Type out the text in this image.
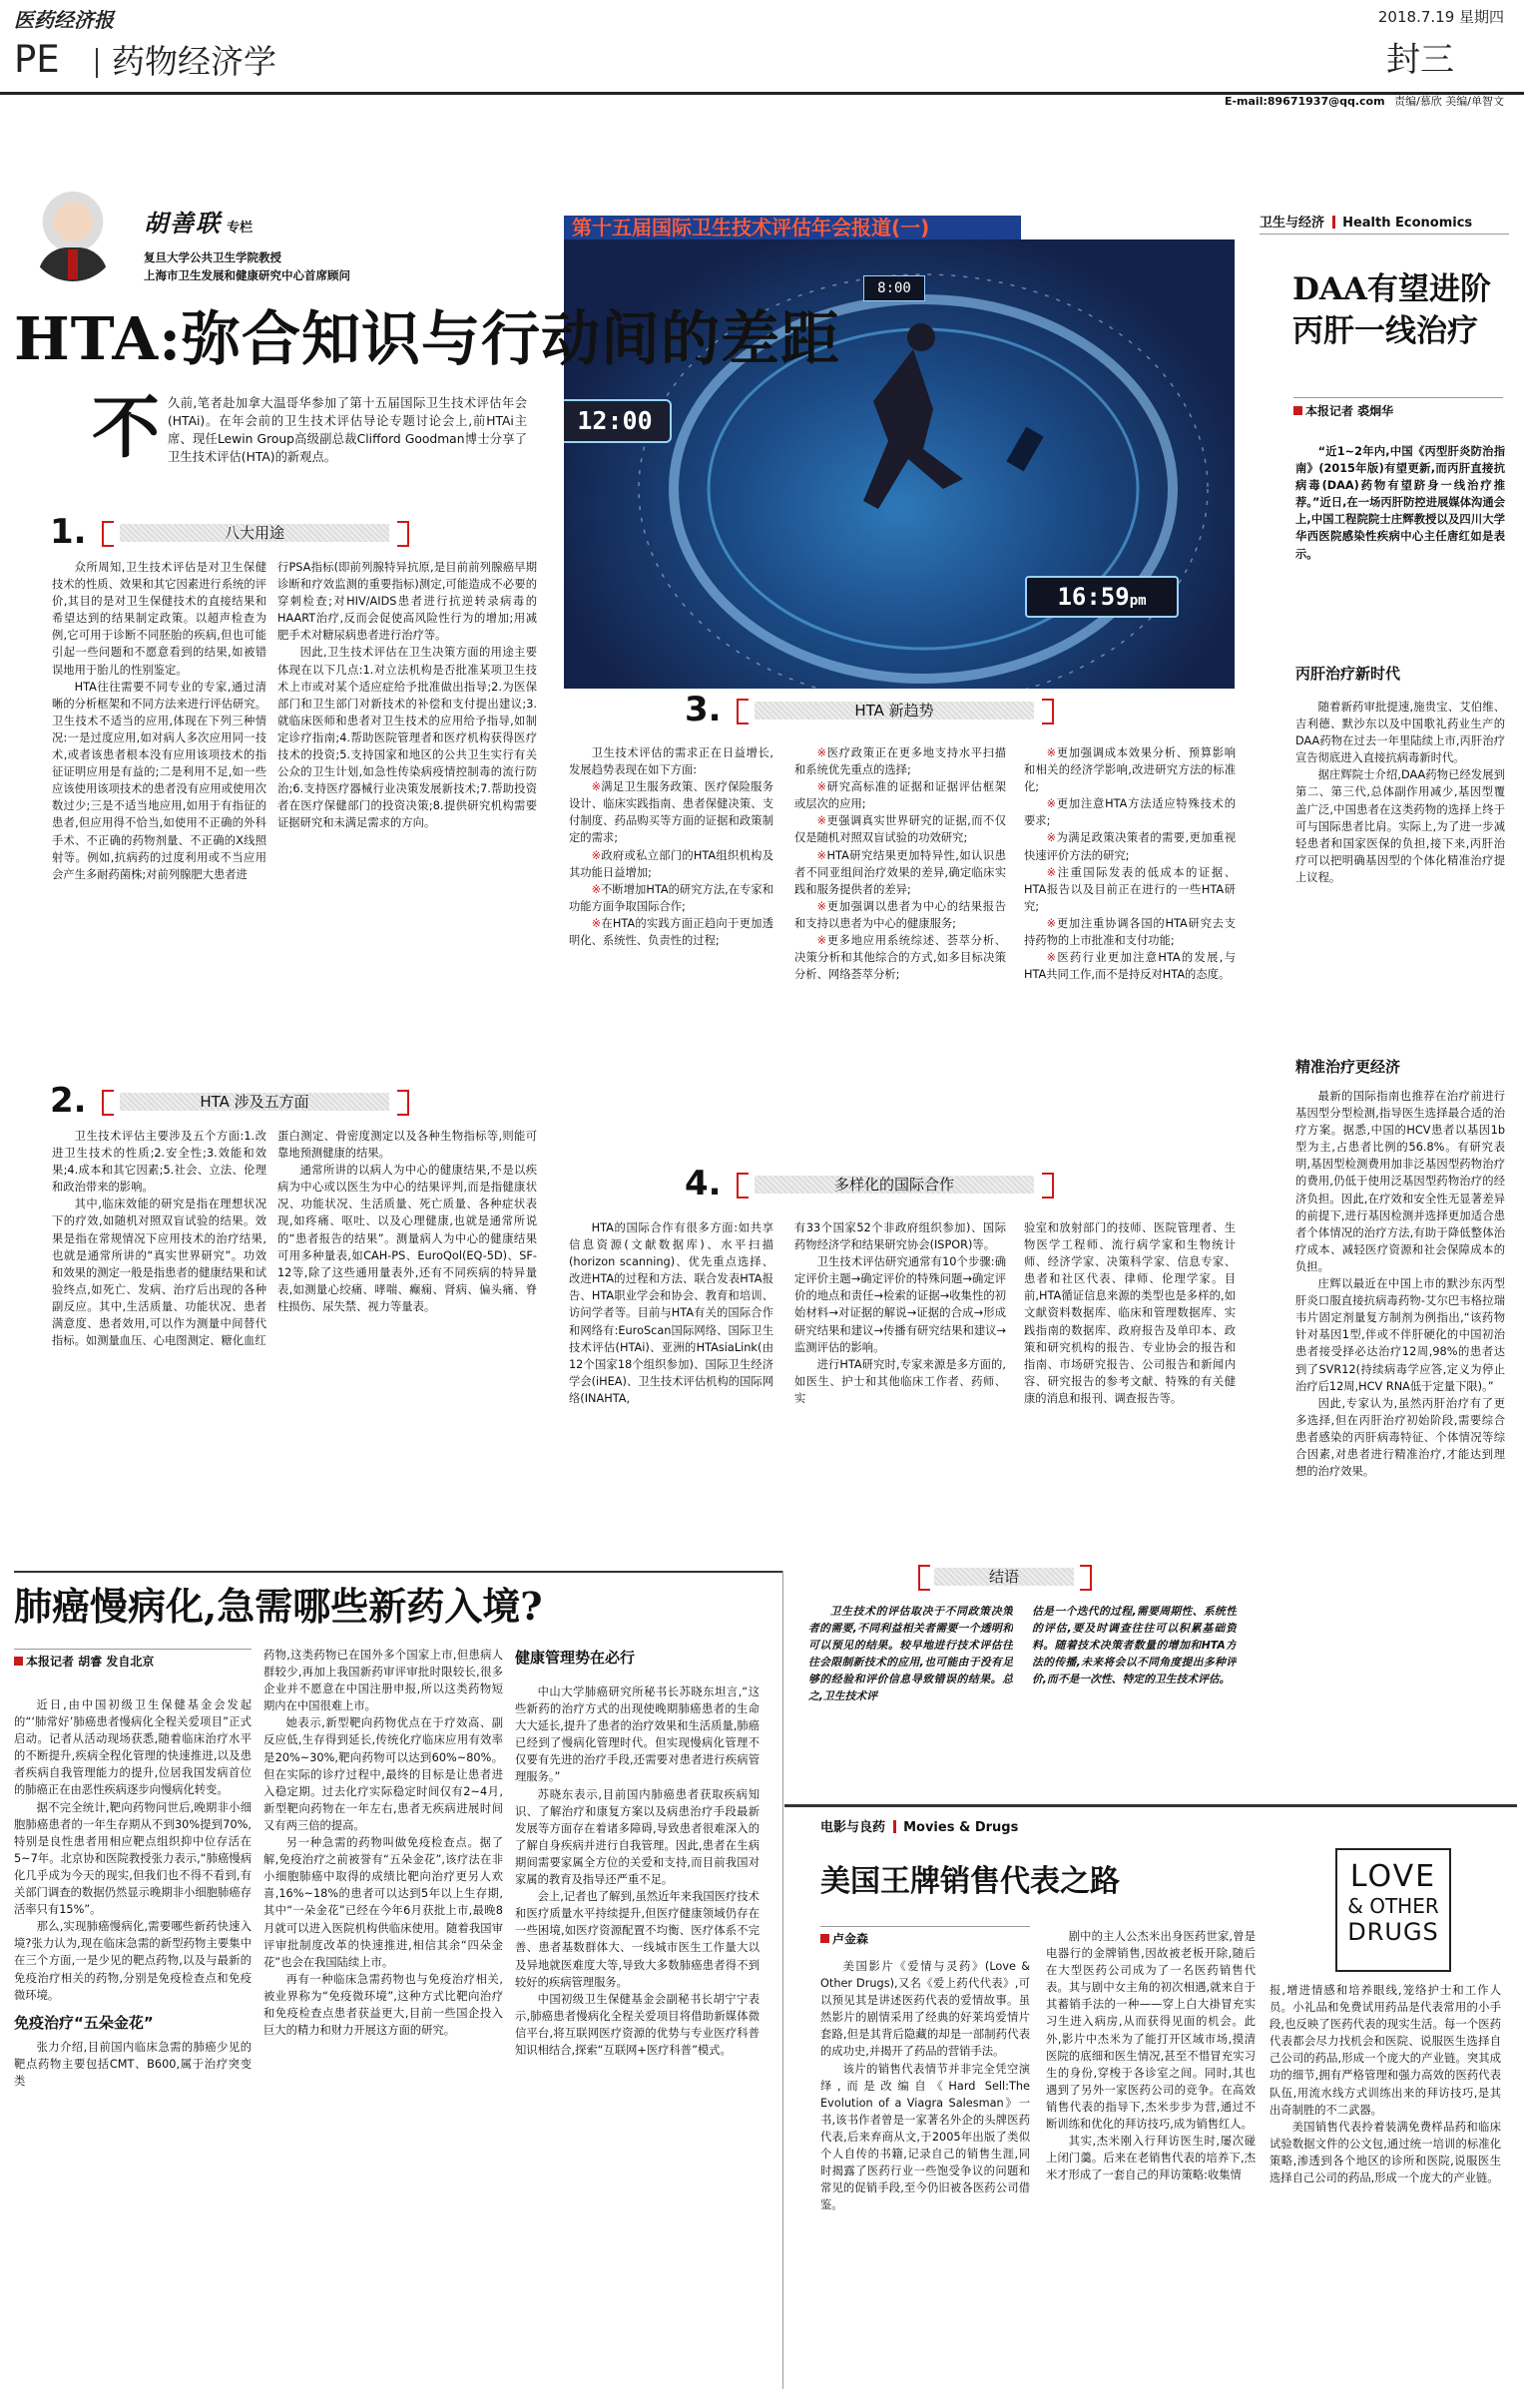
医药经济报	2018.7.19 星期四
PE 药物经济学	封三
E-mail:89671937@qq.com 责编/慕欣 美编/单智文
胡善联 专栏
复旦大学公共卫生学院教授
上海市卫生发展和健康研究中心首席顾问
第十五届国际卫生技术评估年会报道(一)
12:00
16:59pm
8:00
HTA:弥合知识与行动间的差距
不 久前,笔者赴加拿大温哥华参加了第十五届国际卫生技术评估年会(HTAi)。在年会前的卫生技术评估导论专题讨论会上,前HTAi主席、现任Lewin Group高级副总裁Clifford Goodman博士分享了卫生技术评估(HTA)的新观点。
1.	八大用途

众所周知,卫生技术评估是对卫生保健技术的性质、效果和其它因素进行系统的评价,其目的是对卫生保健技术的直接结果和希望达到的结果制定政策。以超声检查为例,它可用于诊断不同胚胎的疾病,但也可能引起一些问题和不愿意看到的结果,如被错误地用于胎儿的性别鉴定。

HTA往往需要不同专业的专家,通过清晰的分析框架和不同方法来进行评估研究。卫生技术不适当的应用,体现在下列三种情况:一是过度应用,如对病人多次应用同一技术,或者该患者根本没有应用该项技术的指征证明应用是有益的;二是利用不足,如一些应该使用该项技术的患者没有应用或使用次数过少;三是不适当地应用,如用于有指征的患者,但应用得不恰当,如使用不正确的外科手术、不正确的药物剂量、不正确的X线照射等。例如,抗病药的过度利用或不当应用会产生多耐药菌株;对前列腺肥大患者进

行PSA指标(即前列腺特异抗原,是目前前列腺癌早期诊断和疗效监测的重要指标)测定,可能造成不必要的穿刺检查;对HIV/AIDS患者进行抗逆转录病毒的HAART治疗,反而会促使高风险性行为的增加;用减肥手术对糖尿病患者进行治疗等。

因此,卫生技术评估在卫生决策方面的用途主要体现在以下几点:1.对立法机构是否批准某项卫生技术上市或对某个适应症给予批准做出指导;2.为医保部门和卫生部门对新技术的补偿和支付提出建议;3.就临床医师和患者对卫生技术的应用给予指导,如制定诊疗指南;4.帮助医院管理者和医疗机构获得医疗技术的投资;5.支持国家和地区的公共卫生实行有关公众的卫生计划,如急性传染病疫情控制毒的流行防治;6.支持医疗器械行业决策发展新技术;7.帮助投资者在医疗保健部门的投资决策;8.提供研究机构需要证据研究和未满足需求的方向。

2.	HTA 涉及五方面

卫生技术评估主要涉及五个方面:1.改进卫生技术的性质;2.安全性;3.效能和效果;4.成本和其它因素;5.社会、立法、伦理和政治带来的影响。

其中,临床效能的研究是指在理想状况下的疗效,如随机对照双盲试验的结果。效果是指在常规情况下应用技术的治疗结果,也就是通常所讲的“真实世界研究”。功效和效果的测定一般是指患者的健康结果和试验终点,如死亡、发病、治疗后出现的各种副反应。其中,生活质量、功能状况、患者满意度、患者效用,可以作为测量中间替代指标。如测量血压、心电图测定、糖化血红

蛋白测定、骨密度测定以及各种生物指标等,则能可靠地预测健康的结果。

通常所讲的以病人为中心的健康结果,不是以疾病为中心或以医生为中心的结果评判,而是指健康状况、功能状况、生活质量、死亡质量、各种症状表现,如疼痛、呕吐、以及心理健康,也就是通常所说的“患者报告的结果”。测量病人为中心的健康结果可用多种量表,如CAH-PS、EuroQol(EQ-5D)、SF-12等,除了这些通用量表外,还有不同疾病的特异量表,如测量心绞痛、哮喘、癫痫、肾病、偏头痛、脊柱损伤、尿失禁、视力等量表。

3.	HTA 新趋势

卫生技术评估的需求正在日益增长,发展趋势表现在如下方面:

※满足卫生服务政策、医疗保险服务设计、临床实践指南、患者保健决策、支付制度、药品购买等方面的证据和政策制定的需求;

※政府或私立部门的HTA组织机构及其功能日益增加;

※不断增加HTA的研究方法,在专家和功能方面争取国际合作;

※在HTA的实践方面正趋向于更加透明化、系统性、负责性的过程;

※医疗政策正在更多地支持水平扫描和系统优先重点的选择;

※研究高标准的证据和证据评估框架或层次的应用;

※更强调真实世界研究的证据,而不仅仅是随机对照双盲试验的功效研究;

※HTA研究结果更加特异性,如认识患者不同亚组间治疗效果的差异,确定临床实践和服务提供者的差异;

※更加强调以患者为中心的结果报告和支持以患者为中心的健康服务;

※更多地应用系统综述、荟萃分析、决策分析和其他综合的方式,如多目标决策分析、网络荟萃分析;

※更加强调成本效果分析、预算影响和相关的经济学影响,改进研究方法的标准化;

※更加注意HTA方法适应特殊技术的要求;

※为满足政策决策者的需要,更加重视快速评价方法的研究;

※注重国际发表的低成本的证据、HTA报告以及目前正在进行的一些HTA研究;

※更加注重协调各国的HTA研究去支持药物的上市批准和支付功能;

※医药行业更加注意HTA的发展,与HTA共同工作,而不是持反对HTA的态度。

4.	多样化的国际合作

HTA的国际合作有很多方面:如共享信息资源(文献数据库)、水平扫描(horizon scanning)、优先重点选择、改进HTA的过程和方法、联合发表HTA报告、HTA职业学会和协会、教育和培训、访问学者等。目前与HTA有关的国际合作和网络有:EuroScan国际网络、国际卫生技术评估(HTAi)、亚洲的HTAsiaLink(由12个国家18个组织参加)、国际卫生经济学会(iHEA)、卫生技术评估机构的国际网络(INAHTA,

有33个国家52个非政府组织参加)、国际药物经济学和结果研究协会(ISPOR)等。

卫生技术评估研究通常有10个步骤:确定评价主题→确定评价的特殊问题→确定评价的地点和责任→检索的证据→收集性的初始材料→对证据的解说→证据的合成→形成研究结果和建议→传播有研究结果和建议→监测评估的影响。

进行HTA研究时,专家来源是多方面的,如医生、护士和其他临床工作者、药师、实

验室和放射部门的技师、医院管理者、生物医学工程师、流行病学家和生物统计师、经济学家、决策科学家、信息专家、患者和社区代表、律师、伦理学家。目前,HTA循证信息来源的类型也是多样的,如文献资料数据库、临床和管理数据库、实践指南的数据库、政府报告及单印本、政策和研究机构的报告、专业协会的报告和指南、市场研究报告、公司报告和新闻内容、研究报告的参考文献、特殊的有关健康的消息和报刊、调查报告等。

结语

卫生技术的评估取决于不同政策决策者的需要,不同利益相关者需要一个透明和可以预见的结果。较早地进行技术评估往往会限制新技术的应用,也可能由于没有足够的经验和评价信息导致错误的结果。总之,卫生技术评

估是一个迭代的过程,需要周期性、系统性的评估,要及时调查往往可以积累基础资料。随着技术决策者数量的增加和HTA方法的传播,未来将会以不同角度提出多种评价,而不是一次性、特定的卫生技术评估。

卫生与经济 Health Economics
DAA有望进阶
丙肝一线治疗
本报记者 裘炯华

“近1~2年内,中国《丙型肝炎防治指南》(2015年版)有望更新,而丙肝直接抗病毒(DAA)药物有望跻身一线治疗推荐。”近日,在一场丙肝防控进展媒体沟通会上,中国工程院院士庄辉教授以及四川大学华西医院感染性疾病中心主任唐红如是表示。

丙肝治疗新时代

随着新药审批提速,施贵宝、艾伯维、吉利德、默沙东以及中国歌礼药业生产的DAA药物在过去一年里陆续上市,丙肝治疗宣告彻底进入直接抗病毒新时代。

据庄辉院士介绍,DAA药物已经发展到第二、第三代,总体副作用减少,基因型覆盖广泛,中国患者在这类药物的选择上终于可与国际患者比肩。实际上,为了进一步减轻患者和国家医保的负担,接下来,丙肝治疗可以把明确基因型的个体化精准治疗提上议程。

精准治疗更经济

最新的国际指南也推荐在治疗前进行基因型分型检测,指导医生选择最合适的治疗方案。据悉,中国的HCV患者以基因1b型为主,占患者比例的56.8%。有研究表明,基因型检测费用加非泛基因型药物治疗的费用,仍低于使用泛基因型药物治疗的经济负担。因此,在疗效和安全性无显著差异的前提下,进行基因检测并选择更加适合患者个体情况的治疗方法,有助于降低整体治疗成本、减轻医疗资源和社会保障成本的负担。

庄辉以最近在中国上市的默沙东丙型肝炎口服直接抗病毒药物-艾尔巴韦格拉瑞韦片固定剂量复方制剂为例指出,“该药物针对基因1型,伴或不伴肝硬化的中国初治患者接受择必达治疗12周,98%的患者达到了SVR12(持续病毒学应答,定义为停止治疗后12周,HCV RNA低于定量下限)。”

因此,专家认为,虽然丙肝治疗有了更多选择,但在丙肝治疗初始阶段,需要综合患者感染的丙肝病毒特征、个体情况等综合因素,对患者进行精准治疗,才能达到理想的治疗效果。

肺癌慢病化,急需哪些新药入境?
本报记者 胡睿 发自北京

近日,由中国初级卫生保健基金会发起的“‘肺常好’肺癌患者慢病化全程关爱项目”正式启动。记者从活动现场获悉,随着临床治疗水平的不断提升,疾病全程化管理的快速推进,以及患者疾病自我管理能力的提升,位居我国发病首位的肺癌正在由恶性疾病逐步向慢病化转变。

据不完全统计,靶向药物问世后,晚期非小细胞肺癌患者的一年生存期从不到30%提到70%,特别是良性患者用相应靶点组织抑中位存活在5~7年。北京协和医院教授张力表示,“肺癌慢病化几乎成为今天的现实,但我们也不得不看到,有关部门调查的数据仍然显示晚期非小细胞肺癌存活率只有15%”。

那么,实现肺癌慢病化,需要哪些新药快速入境?张力认为,现在临床急需的新型药物主要集中在三个方面,一是少见的靶点药物,以及与最新的免疫治疗相关的药物,分别是免疫检查点和免疫微环境。

免疫治疗“五朵金花”

张力介绍,目前国内临床急需的肺癌少见的靶点药物主要包括CMT、B600,属于治疗突变类

药物,这类药物已在国外多个国家上市,但患病人群较少,再加上我国新药审评审批时限较长,很多企业并不愿意在中国注册申报,所以这类药物短期内在中国很难上市。

她表示,新型靶向药物优点在于疗效高、副反应低,生存得到延长,传统化疗临床应用有效率是20%~30%,靶向药物可以达到60%~80%。但在实际的诊疗过程中,最终的目标是让患者进入稳定期。过去化疗实际稳定时间仅有2~4月,新型靶向药物在一年左右,患者无疾病进展时间又有两三倍的提高。

另一种急需的药物叫做免疫检查点。据了解,免疫治疗之前被誉有“五朵金花”,该疗法在非小细胞肺癌中取得的成绩比靶向治疗更另人欢喜,16%~18%的患者可以达到5年以上生存期,其中“一朵金花”已经在今年6月获批上市,最晚8月就可以进入医院机构供临床使用。随着我国审评审批制度改革的快速推进,相信其余“四朵金花”也会在我国陆续上市。

再有一种临床急需药物也与免疫治疗相关,被业界称为“免疫微环境”,这种方式比靶向治疗和免疫检查点患者获益更大,目前一些国企投入巨大的精力和财力开展这方面的研究。

健康管理势在必行

中山大学肺癌研究所秘书长苏晓东坦言,“这些新药的治疗方式的出现使晚期肺癌患者的生命大大延长,提升了患者的治疗效果和生活质量,肺癌已经到了慢病化管理时代。但实现慢病化管理不仅要有先进的治疗手段,还需要对患者进行疾病管理服务。”

苏晓东表示,目前国内肺癌患者获取疾病知识、了解治疗和康复方案以及病患治疗手段最新发展等方面存在着诸多障碍,导致患者很难深入的了解自身疾病并进行自我管理。因此,患者在生病期间需要家属全方位的关爱和支持,而目前我国对家属的教育及指导还严重不足。

会上,记者也了解到,虽然近年来我国医疗技术和医疗质量水平持续提升,但医疗健康领域仍存在一些困境,如医疗资源配置不均衡、医疗体系不完善、患者基数群体大、一线城市医生工作量大以及异地就医难度大等,导致大多数肺癌患者得不到较好的疾病管理服务。

中国初级卫生保健基金会副秘书长胡宁宁表示,肺癌患者慢病化全程关爱项目将借助新媒体微信平台,将互联网医疗资源的优势与专业医疗科普知识相结合,探索“互联网+医疗科普”模式。

电影与良药 Movies & Drugs
LOVE
& OTHER
DRUGS
美国王牌销售代表之路
卢金森

美国影片《爱情与灵药》(Love & Other Drugs),又名《爱上药代代表》,可以预见其是讲述医药代表的爱情故事。虽然影片的剧情采用了经典的好莱坞爱情片套路,但是其背后隐藏的却是一部制药代表的成功史,并揭开了药品的营销手法。

该片的销售代表情节并非完全凭空演绎,而是改编自《Hard Sell:The Evolution of a Viagra Salesman》一书,该书作者曾是一家著名外企的头牌医药代表,后来弃商从文,于2005年出版了类似个人自传的书籍,记录自己的销售生涯,同时揭露了医药行业一些饱受争议的问题和常见的促销手段,至今仍旧被各医药公司借鉴。

剧中的主人公杰米出身医药世家,曾是电器行的金牌销售,因故被老板开除,随后在大型医药公司成为了一名医药销售代表。其与剧中女主角的初次相遇,就来自于其蓄销手法的一种——穿上白大褂冒充实习生进入病房,从而获得见面的机会。此外,影片中杰米为了能打开区域市场,摸清医院的底细和医生情况,甚至不惜冒充实习生的身份,穿梭于各诊室之间。同时,其也遇到了另外一家医药公司的竞争。在高效销售代表的指导下,杰米步步为营,通过不断训练和优化的拜访技巧,成为销售红人。

其实,杰米刚入行拜访医生时,屡次碰上闭门羹。后来在老销售代表的培养下,杰米才形成了一套自己的拜访策略:收集情

报,增进情感和培养眼线,笼络护士和工作人员。小礼品和免费试用药品是代表常用的小手段,也反映了医药代表的现实生活。每一个医药代表都会尽力找机会和医院、说服医生选择自己公司的药品,形成一个庞大的产业链。突其成功的细节,拥有严格管理和强力高效的医药代表队伍,用流水线方式训练出来的拜访技巧,是其出奇制胜的不二武器。

美国销售代表拎着装满免费样品药和临床试验数据文件的公文包,通过统一培训的标准化策略,渗透到各个地区的诊所和医院,说服医生选择自己公司的药品,形成一个庞大的产业链。
